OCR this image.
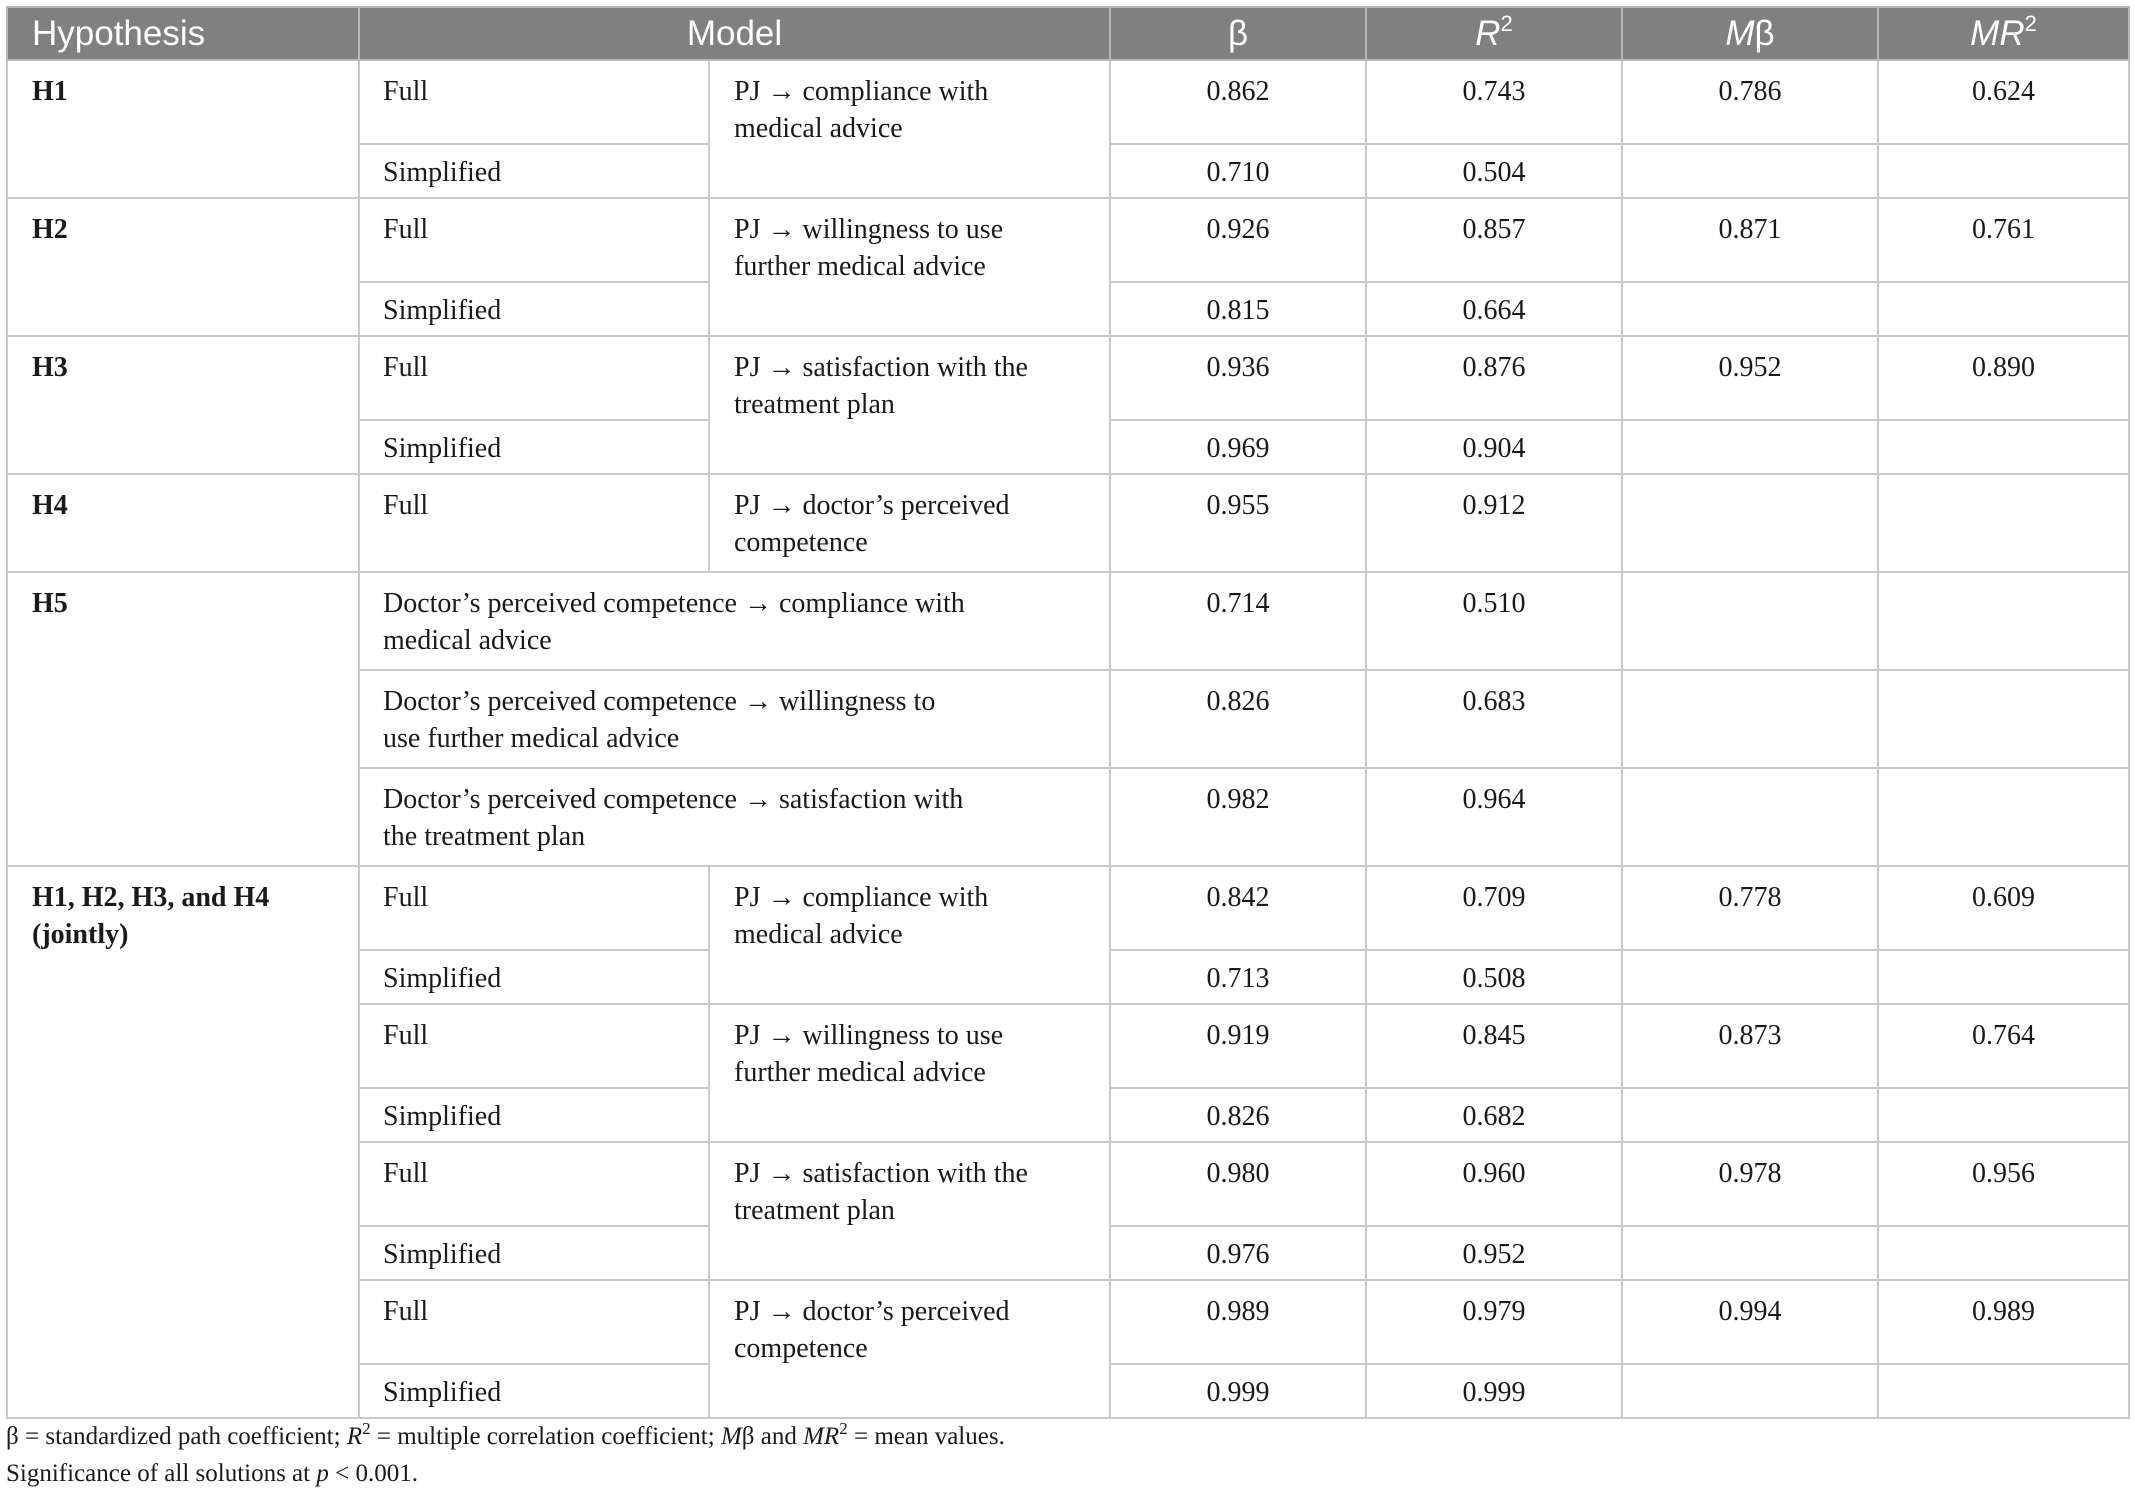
Hypothesis	Model		β	$R^2$	Mβ	$MR^2$
H1	Full	PJ → compliance with medical advice	0.862	0.743	0.786	0.624
	Simplified		0.710	0.504		
H2	Full	PJ → willingness to use further medical advice	0.926	0.857	0.871	0.761
	Simplified		0.815	0.664		
H3	Full	PJ → satisfaction with the treatment plan	0.936	0.876	0.952	0.890
	Simplified		0.969	0.904		
H4	Full	PJ → doctor’s perceived competence	0.955	0.912		
H5	Doctor’s perceived competence → compliance with medical advice		0.714	0.510		

	Doctor’s perceived competence → willingness to use further medical advice		0.826	0.683		

	Doctor’s perceived competence → satisfaction with the treatment plan		0.982	0.964		

H1, H2, H3, and H4 (jointly)	Full	PJ → compliance with medical advice	0.842	0.709	0.778	0.609
	Simplified		0.713	0.508		
	Full	PJ → willingness to use further medical advice	0.919	0.845	0.873	0.764
	Simplified		0.826	0.682		
	Full	PJ → satisfaction with the treatment plan	0.980	0.960	0.978	0.956
	Simplified		0.976	0.952		
	Full	PJ → doctor’s perceived competence	0.989	0.979	0.994	0.989
	Simplified		0.999	0.999		
β = standardized path coefficient; $R^2$ = multiple correlation coefficient; Mβ and $MR^2$ = mean values.
Significance of all solutions at p < 0.001.
